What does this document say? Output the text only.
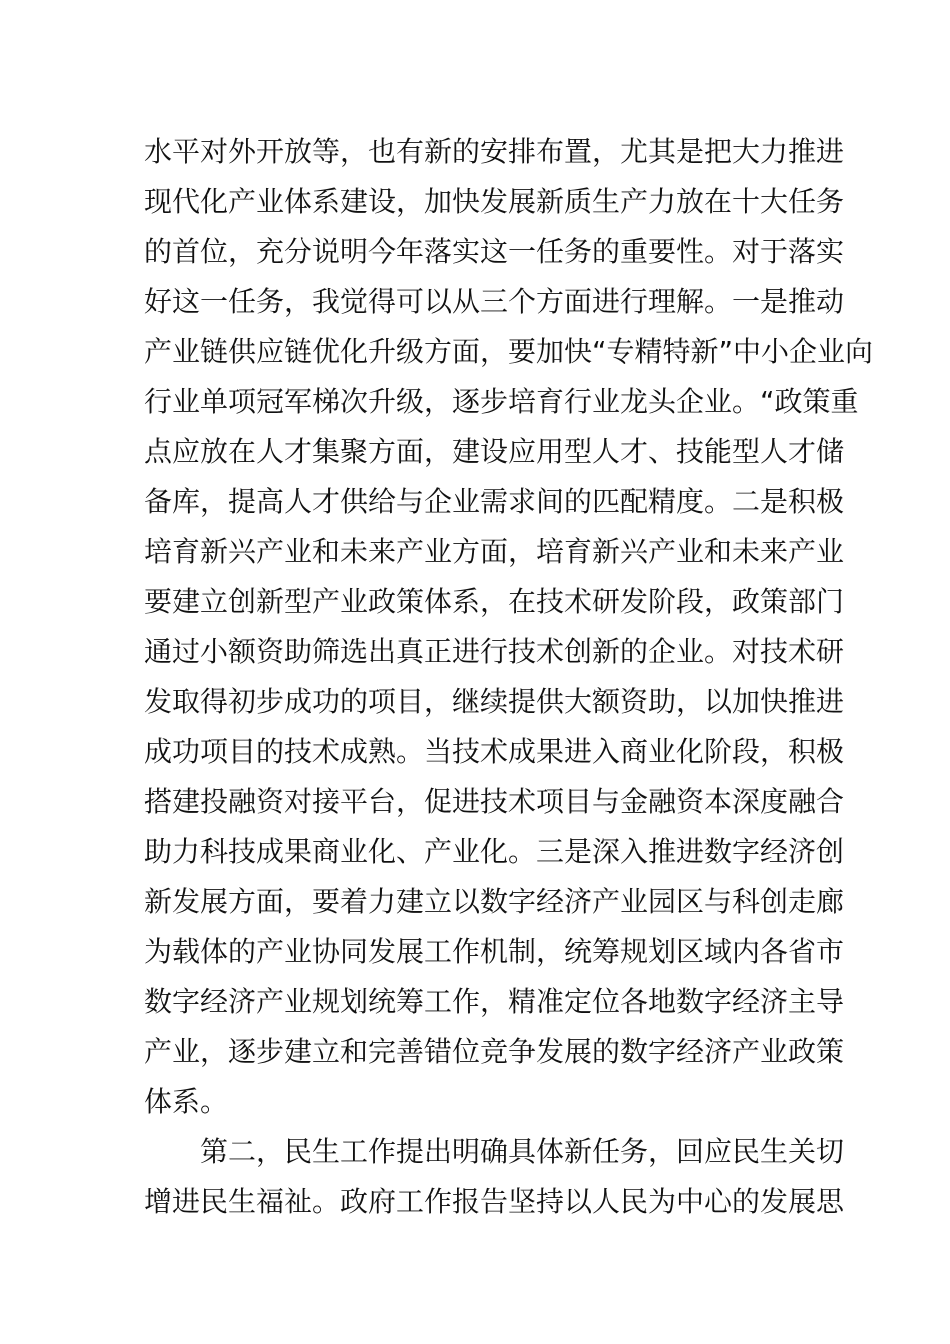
水平对外开放等，也有新的安排布置，尤其是把大力推进
现代化产业体系建设，加快发展新质生产力放在十大任务
的首位，充分说明今年落实这一任务的重要性。对于落实
好这一任务，我觉得可以从三个方面进行理解。一是推动
产业链供应链优化升级方面，要加快“专精特新”中小企业向
行业单项冠军梯次升级，逐步培育行业龙头企业。“政策重
点应放在人才集聚方面，建设应用型人才、技能型人才储
备库，提高人才供给与企业需求间的匹配精度。二是积极
培育新兴产业和未来产业方面，培育新兴产业和未来产业
要建立创新型产业政策体系，在技术研发阶段，政策部门
通过小额资助筛选出真正进行技术创新的企业。对技术研
发取得初步成功的项目，继续提供大额资助，以加快推进
成功项目的技术成熟。当技术成果进入商业化阶段，积极
搭建投融资对接平台，促进技术项目与金融资本深度融合
助力科技成果商业化、产业化。三是深入推进数字经济创
新发展方面，要着力建立以数字经济产业园区与科创走廊
为载体的产业协同发展工作机制，统筹规划区域内各省市
数字经济产业规划统筹工作，精准定位各地数字经济主导
产业，逐步建立和完善错位竞争发展的数字经济产业政策
体系。
第二，民生工作提出明确具体新任务，回应民生关切
增进民生福祉。政府工作报告坚持以人民为中心的发展思
